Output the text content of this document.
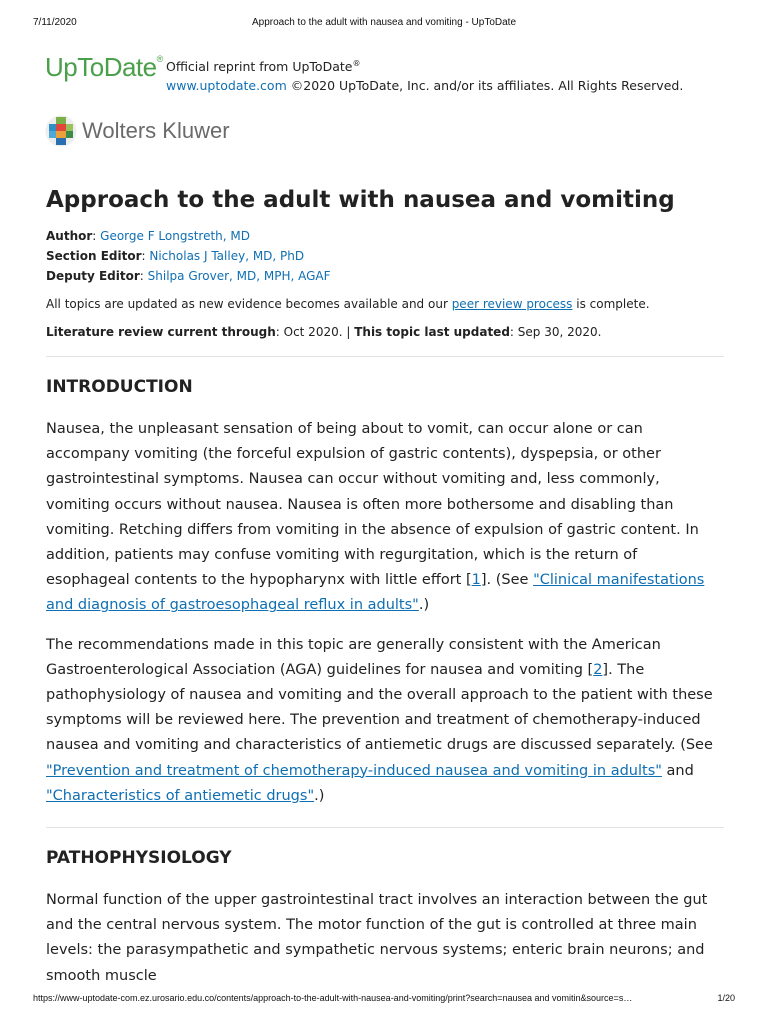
7/11/2020	Approach to the adult with nausea and vomiting - UpToDate
UpToDate®
Official reprint from UpToDate®
www.uptodate.com ©2020 UpToDate, Inc. and/or its affiliates. All Rights Reserved.
Wolters Kluwer
Approach to the adult with nausea and vomiting
Author: George F Longstreth, MD
Section Editor: Nicholas J Talley, MD, PhD
Deputy Editor: Shilpa Grover, MD, MPH, AGAF
All topics are updated as new evidence becomes available and our peer review process is complete.
Literature review current through: Oct 2020. | This topic last updated: Sep 30, 2020.
INTRODUCTION

Nausea, the unpleasant sensation of being about to vomit, can occur alone or can accompany vomiting (the forceful expulsion of gastric contents), dyspepsia, or other gastrointestinal symptoms. Nausea can occur without vomiting and, less commonly, vomiting occurs without nausea. Nausea is often more bothersome and disabling than vomiting. Retching differs from vomiting in the absence of expulsion of gastric content. In addition, patients may confuse vomiting with regurgitation, which is the return of esophageal contents to the hypopharynx with little effort [1]. (See "Clinical manifestations and diagnosis of gastroesophageal reflux in adults".)

The recommendations made in this topic are generally consistent with the American Gastroenterological Association (AGA) guidelines for nausea and vomiting [2]. The pathophysiology of nausea and vomiting and the overall approach to the patient with these symptoms will be reviewed here. The prevention and treatment of chemotherapy-induced nausea and vomiting and characteristics of antiemetic drugs are discussed separately. (See "Prevention and treatment of chemotherapy-induced nausea and vomiting in adults" and "Characteristics of antiemetic drugs".)

PATHOPHYSIOLOGY

Normal function of the upper gastrointestinal tract involves an interaction between the gut and the central nervous system. The motor function of the gut is controlled at three main levels: the parasympathetic and sympathetic nervous systems; enteric brain neurons; and smooth muscle

https://www-uptodate-com.ez.urosario.edu.co/contents/approach-to-the-adult-with-nausea-and-vomiting/print?search=nausea and vomitin&source=s…	1/20
